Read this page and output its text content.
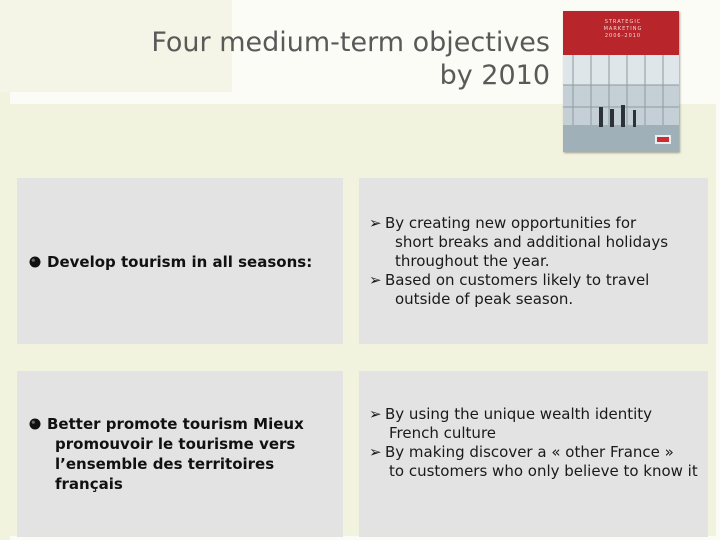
Four medium-term objectives
by 2010
STRATEGIC MARKETING 2006-2010
Develop tourism in all seasons:
➢ By creating new opportunities for
short breaks and additional holidays throughout the year.
➢ Based on customers likely to travel
outside of peak season.
Better promote tourism Mieux
promouvoir le tourisme vers l’ensemble des territoires français
➢ By using the unique wealth identity
French culture
➢ By making discover a « other France »
to customers who only believe to know it
